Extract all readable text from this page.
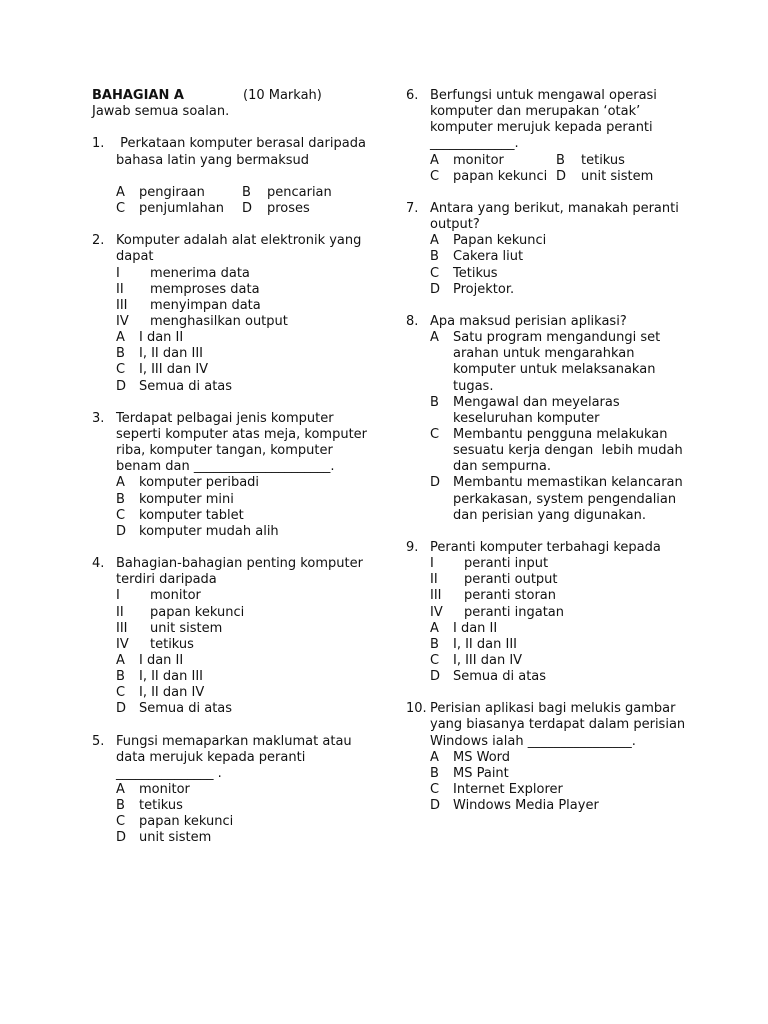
BAHAGIAN A	(10 Markah)
Jawab semua soalan.
1. Perkataan komputer berasal daripada
bahasa latin yang bermaksud
A pengiraan	B pencarian
C penjumlahan D proses
2. Komputer adalah alat elektronik yang
dapat
I menerima data
II memproses data
III menyimpan data
IV menghasilkan output
A I dan II
B I, II dan III
C I, III dan IV
D Semua di atas
3. Terdapat pelbagai jenis komputer
seperti komputer atas meja, komputer
riba, komputer tangan, komputer
benam dan _____________________.
A komputer peribadi
B komputer mini
C komputer tablet
D komputer mudah alih
4. Bahagian-bahagian penting komputer
terdiri daripada
I monitor
II papan kekunci
III unit sistem
IV tetikus
A I dan II
B I, II dan III
C I, II dan IV
D Semua di atas
5. Fungsi memaparkan maklumat atau
data merujuk kepada peranti
_______________ .
A monitor
B tetikus
C papan kekunci
D unit sistem
6. Berfungsi untuk mengawal operasi
komputer dan merupakan ‘otak’
komputer merujuk kepada peranti
_____________.
A monitor	B tetikus
C papan kekunci D unit sistem
7. Antara yang berikut, manakah peranti
output?
A Papan kekunci
B Cakera liut
C Tetikus
D Projektor.
8. Apa maksud perisian aplikasi?
A Satu program mengandungi set
arahan untuk mengarahkan
komputer untuk melaksanakan
tugas.
B Mengawal dan meyelaras
keseluruhan komputer
C Membantu pengguna melakukan
sesuatu kerja dengan  lebih mudah
dan sempurna.
D Membantu memastikan kelancaran
perkakasan, system pengendalian
dan perisian yang digunakan.
9. Peranti komputer terbahagi kepada
I peranti input
II peranti output
III peranti storan
IV peranti ingatan
A I dan II
B I, II dan III
C I, III dan IV
D Semua di atas
10. Perisian aplikasi bagi melukis gambar
yang biasanya terdapat dalam perisian
Windows ialah ________________.
A MS Word
B MS Paint
C Internet Explorer
D Windows Media Player
